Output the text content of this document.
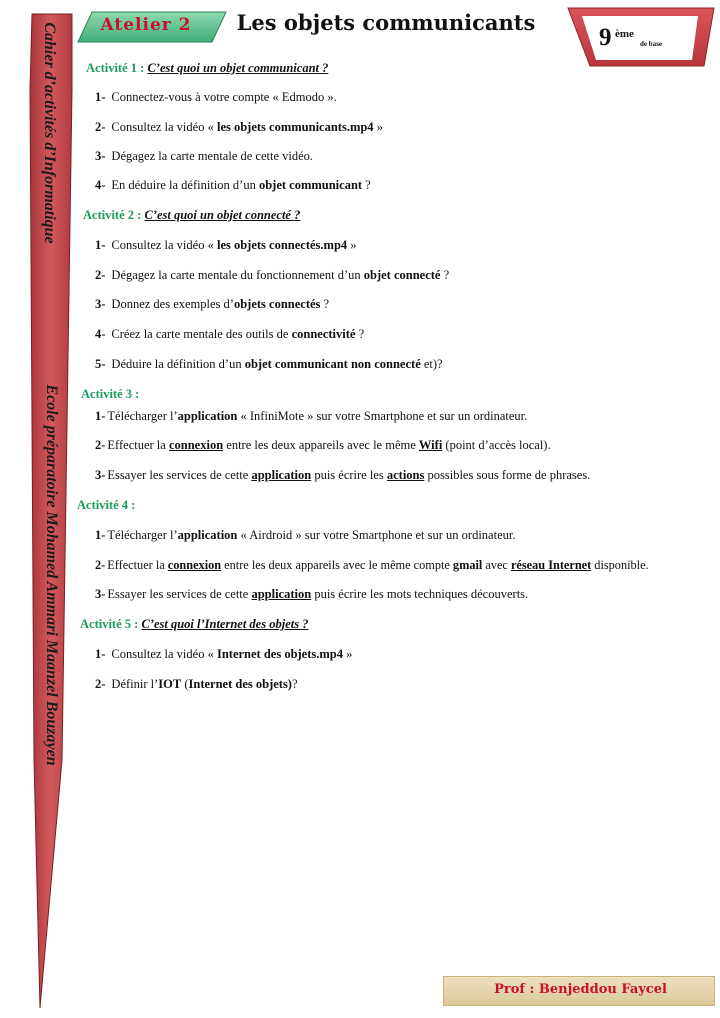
Cahier d’activités d’Informatique
Ecole préparatoire Mohamed Ammari Maanzel Bouzayen
Atelier 2	Les objets communicants
9 ème
de base
Activité 1 : C’est quoi un objet communicant ?
1- Connectez-vous à votre compte « Edmodo ».
2- Consultez la vidéo « les objets communicants.mp4 »
3- Dégagez la carte mentale de cette vidéo.
4- En déduire la définition d’un objet communicant ?
Activité 2 : C’est quoi un objet connecté ?
1- Consultez la vidéo « les objets connectés.mp4 »
2- Dégagez la carte mentale du fonctionnement d’un objet connecté ?
3- Donnez des exemples d’objets connectés ?
4- Créez la carte mentale des outils de connectivité ?
5- Déduire la définition d’un objet communicant non connecté et)?
Activité 3 :
1- Télécharger l’application « InfiniMote » sur votre Smartphone et sur un ordinateur.
2- Effectuer la connexion entre les deux appareils avec le même Wifi (point d’accès local).
3- Essayer les services de cette application puis écrire les actions possibles sous forme de phrases.
Activité 4 :
1- Télécharger l’application « Airdroid » sur votre Smartphone et sur un ordinateur.
2- Effectuer la connexion entre les deux appareils avec le même compte gmail avec réseau Internet disponible.
3- Essayer les services de cette application puis écrire les mots techniques découverts.
Activité 5 : C’est quoi l’Internet des objets ?
1- Consultez la vidéo « Internet des objets.mp4 »
2- Définir l’IOT (Internet des objets)?
Prof : Benjeddou Faycel
